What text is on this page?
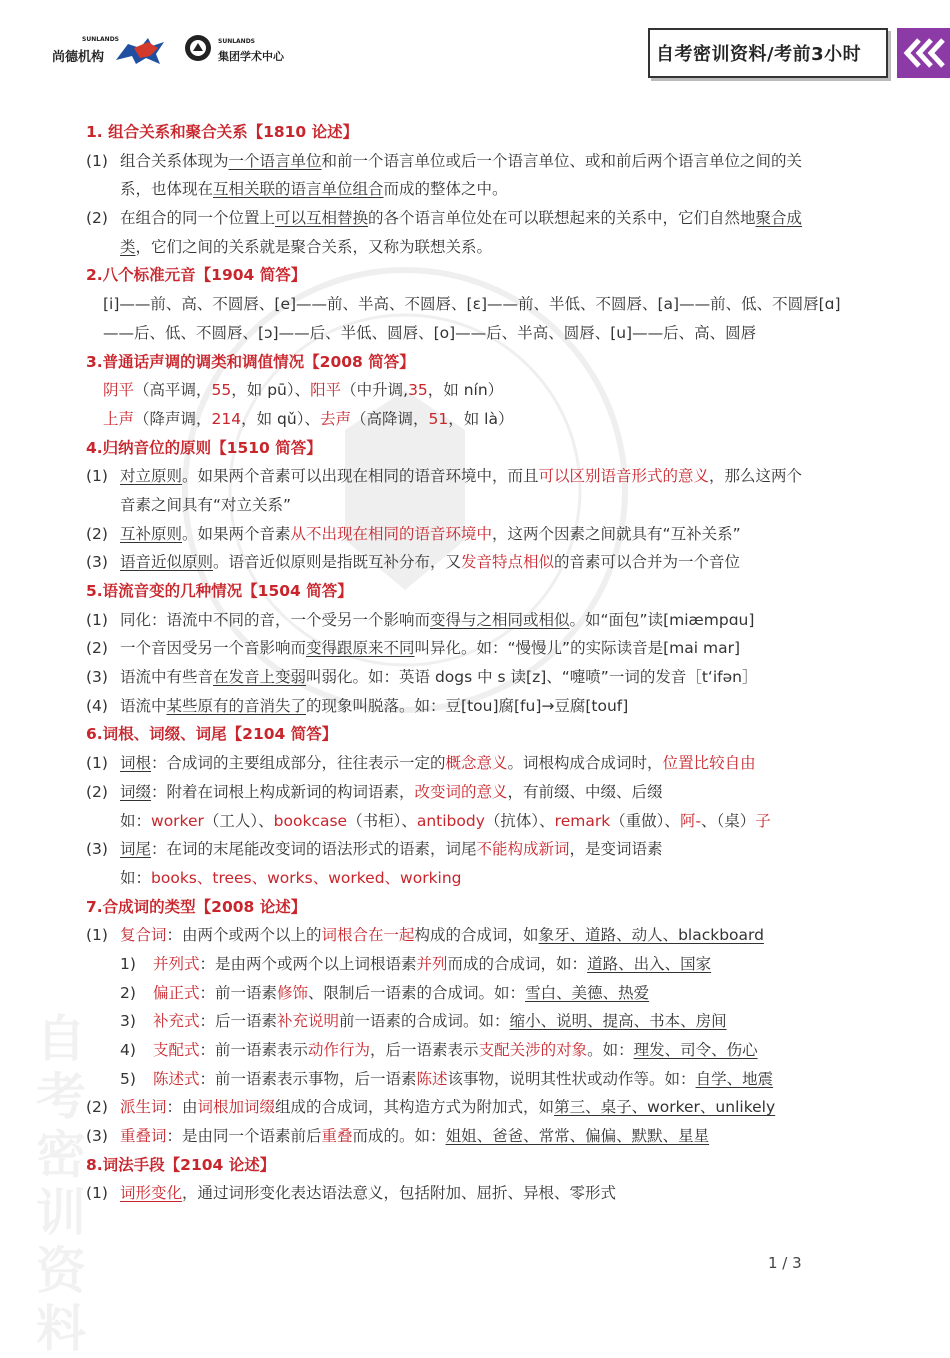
自考密训资料
SUNLANDS
尚德机构
SUNLANDS
集团学术中心	自考密训资料/考前3小时
1. 组合关系和聚合关系【1810 论述】
(1) 组合关系体现为一个语言单位和前一个语言单位或后一个语言单位、或和前后两个语言单位之间的关
系，也体现在互相关联的语言单位组合而成的整体之中。
(2) 在组合的同一个位置上可以互相替换的各个语言单位处在可以联想起来的关系中，它们自然地聚合成
类，它们之间的关系就是聚合关系，又称为联想关系。
2.八个标准元音【1904 简答】
[i]——前、高、不圆唇、[e]——前、半高、不圆唇、[ε]——前、半低、不圆唇、[a]——前、低、不圆唇[ɑ]
——后、低、不圆唇、[ɔ]——后、半低、圆唇、[o]——后、半高、圆唇、[u]——后、高、圆唇
3.普通话声调的调类和调值情况【2008 简答】
阴平（高平调，55，如 pū）、阳平（中升调,35，如 nín）
上声（降声调，214，如 qǔ）、去声（高降调，51，如 là）
4.归纳音位的原则【1510 简答】
(1) 对立原则。如果两个音素可以出现在相同的语音环境中，而且可以区别语音形式的意义，那么这两个
音素之间具有“对立关系”
(2) 互补原则。如果两个音素从不出现在相同的语音环境中，这两个因素之间就具有“互补关系”
(3) 语音近似原则。语音近似原则是指既互补分布，又发音特点相似的音素可以合并为一个音位
5.语流音变的几种情况【1504 简答】
(1) 同化：语流中不同的音，一个受另一个影响而变得与之相同或相似。如“面包”读[miæmpɑu]
(2) 一个音因受另一个音影响而变得跟原来不同叫异化。如：“慢慢儿”的实际读音是[mai mar]
(3) 语流中有些音在发音上变弱叫弱化。如：英语 dogs 中 s 读[z]、“嚏喷”一词的发音［tʻifən］
(4) 语流中某些原有的音消失了的现象叫脱落。如：豆[tou]腐[fu]→豆腐[touf]
6.词根、词缀、词尾【2104 简答】
(1) 词根：合成词的主要组成部分，往往表示一定的概念意义。词根构成合成词时，位置比较自由
(2) 词缀：附着在词根上构成新词的构词语素，改变词的意义，有前缀、中缀、后缀
如：worker（工人）、bookcase（书柜）、antibody（抗体）、remark（重做）、阿-、（桌）子
(3) 词尾：在词的末尾能改变词的语法形式的语素，词尾不能构成新词，是变词语素
如：books、trees、works、worked、working
7.合成词的类型【2008 论述】
(1) 复合词：由两个或两个以上的词根合在一起构成的合成词，如象牙、道路、动人、blackboard
1) 并列式：是由两个或两个以上词根语素并列而成的合成词，如：道路、出入、国家
2) 偏正式：前一语素修饰、限制后一语素的合成词。如：雪白、美德、热爱
3) 补充式：后一语素补充说明前一语素的合成词。如：缩小、说明、提高、书本、房间
4) 支配式：前一语素表示动作行为，后一语素表示支配关涉的对象。如：理发、司令、伤心
5) 陈述式：前一语素表示事物，后一语素陈述该事物，说明其性状或动作等。如：自学、地震
(2) 派生词：由词根加词缀组成的合成词，其构造方式为附加式，如第三、桌子、worker、unlikely
(3) 重叠词：是由同一个语素前后重叠而成的。如：姐姐、爸爸、常常、偏偏、默默、星星
8.词法手段【2104 论述】
(1) 词形变化，通过词形变化表达语法意义，包括附加、屈折、异根、零形式
1 / 3
